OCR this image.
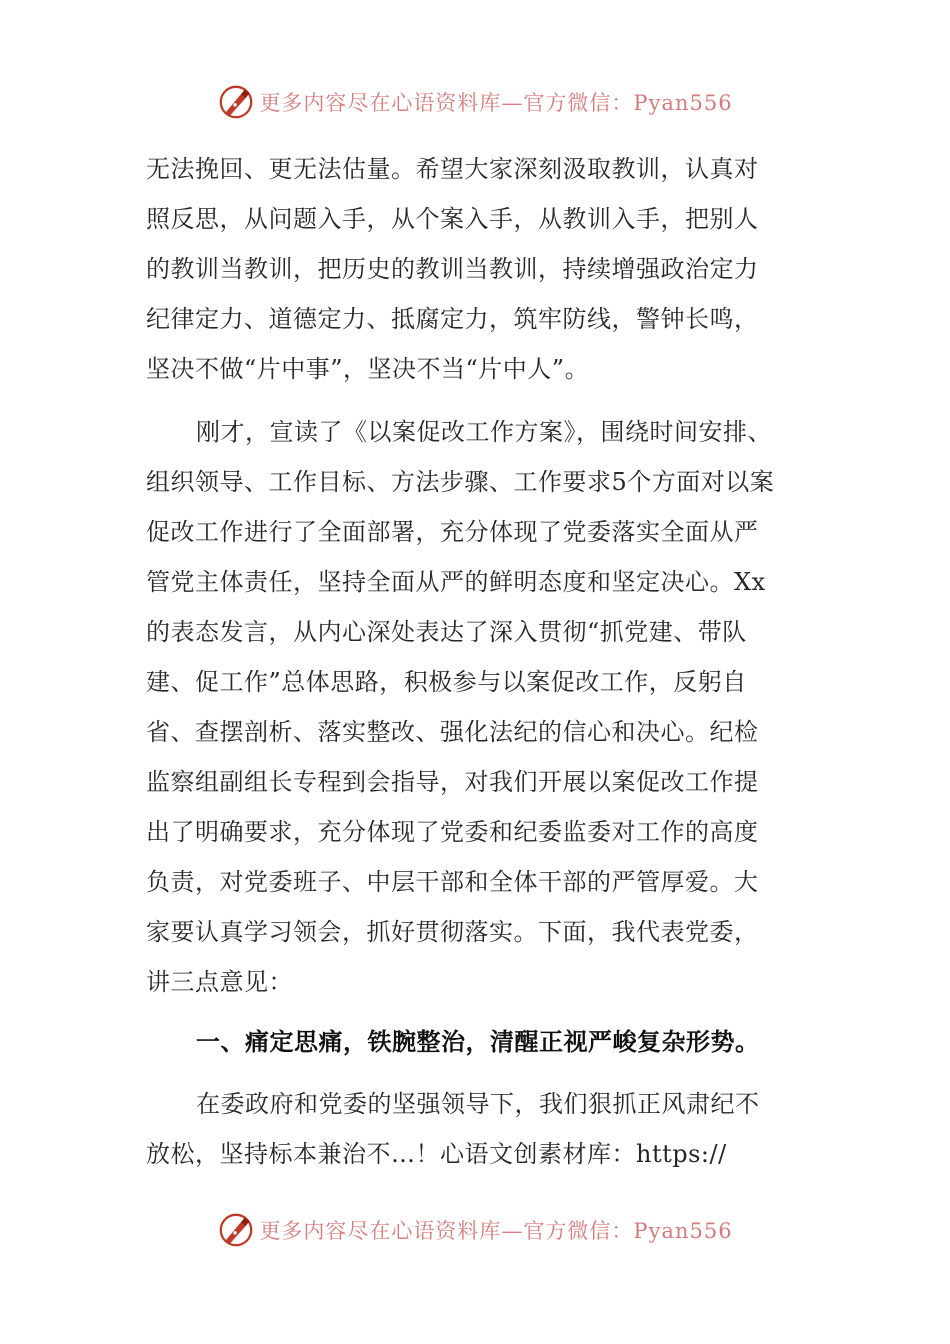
更多内容尽在心语资料库—官方微信：Pyan556
无法挽回、更无法估量。希望大家深刻汲取教训，认真对
照反思，从问题入手，从个案入手，从教训入手，把别人
的教训当教训，把历史的教训当教训，持续增强政治定力
纪律定力、道德定力、抵腐定力，筑牢防线，警钟长鸣，
坚决不做“片中事”，坚决不当“片中人”。
刚才，宣读了《以案促改工作方案》，围绕时间安排、
组织领导、工作目标、方法步骤、工作要求5个方面对以案
促改工作进行了全面部署，充分体现了党委落实全面从严
管党主体责任，坚持全面从严的鲜明态度和坚定决心。Xx
的表态发言，从内心深处表达了深入贯彻“抓党建、带队
建、促工作”总体思路，积极参与以案促改工作，反躬自
省、查摆剖析、落实整改、强化法纪的信心和决心。纪检
监察组副组长专程到会指导，对我们开展以案促改工作提
出了明确要求，充分体现了党委和纪委监委对工作的高度
负责，对党委班子、中层干部和全体干部的严管厚爱。大
家要认真学习领会，抓好贯彻落实。下面，我代表党委，
讲三点意见：
一、痛定思痛，铁腕整治，清醒正视严峻复杂形势。
在委政府和党委的坚强领导下，我们狠抓正风肃纪不
放松，坚持标本兼治不…！心语文创素材库：https://
更多内容尽在心语资料库—官方微信：Pyan556
